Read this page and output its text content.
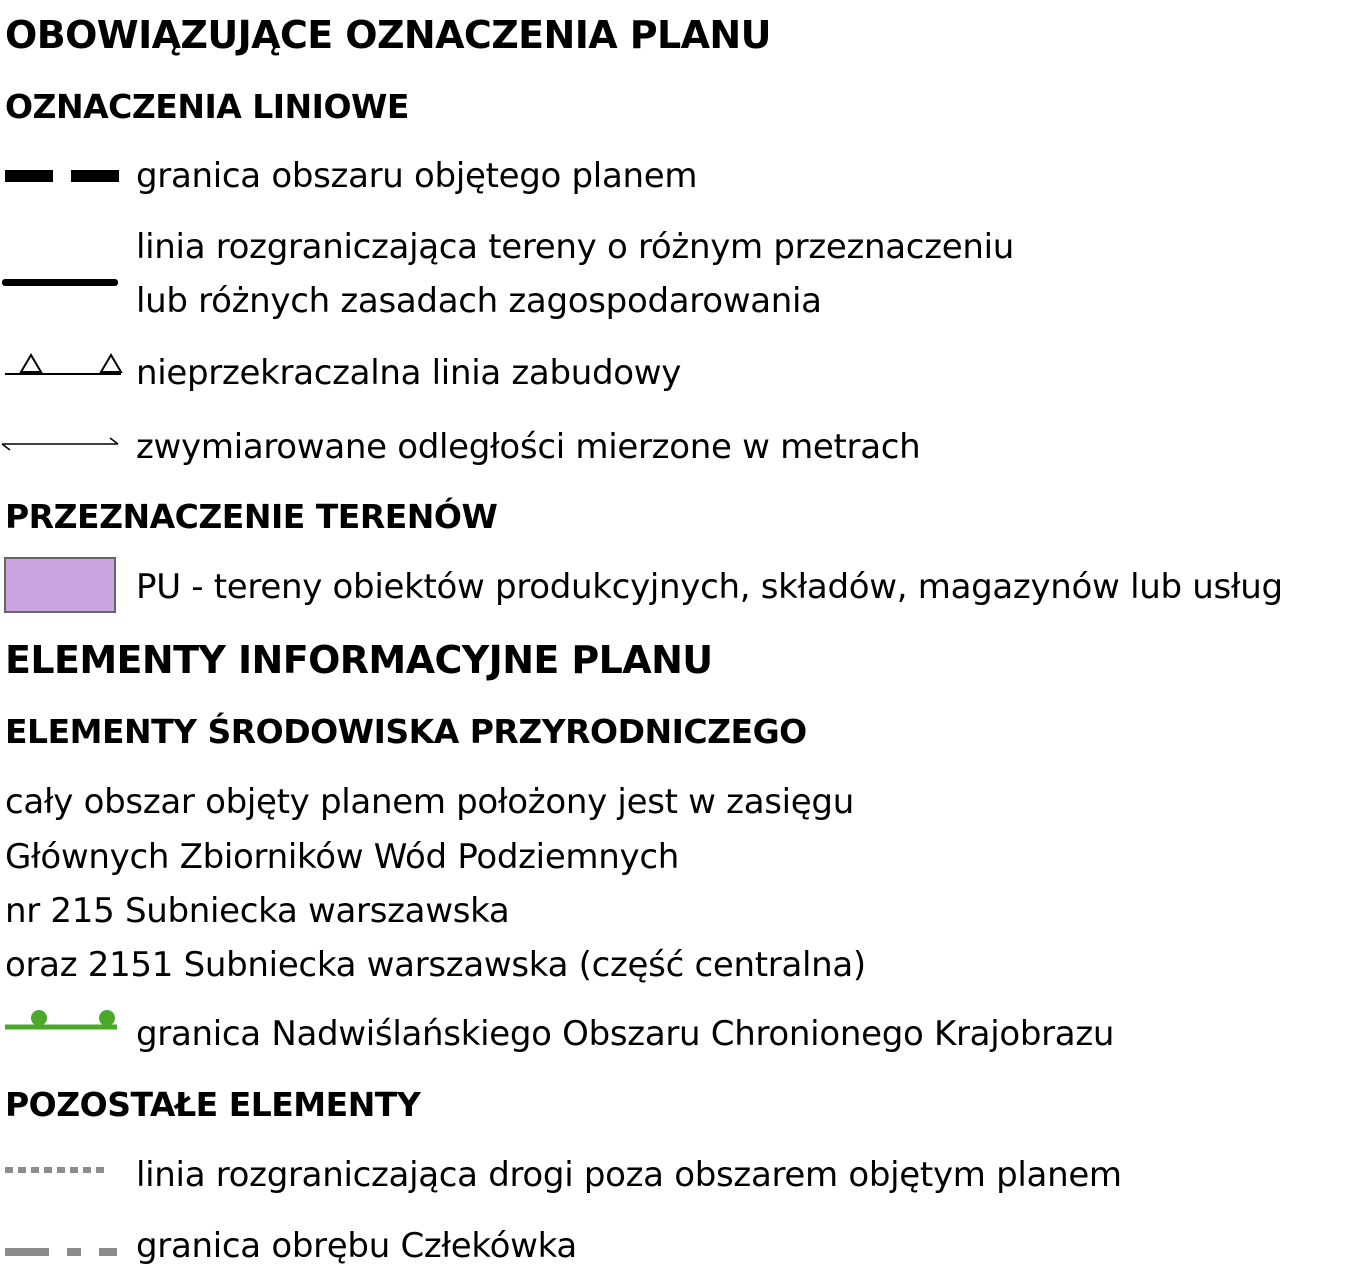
OBOWIĄZUJĄCE OZNACZENIA PLANU
OZNACZENIA LINIOWE
granica obszaru objętego planem
linia rozgraniczająca tereny o różnym przeznaczeniu
lub różnych zasadach zagospodarowania
nieprzekraczalna linia zabudowy
zwymiarowane odległości mierzone w metrach
PRZEZNACZENIE TERENÓW
PU - tereny obiektów produkcyjnych, składów, magazynów lub usług
ELEMENTY INFORMACYJNE PLANU
ELEMENTY ŚRODOWISKA PRZYRODNICZEGO
cały obszar objęty planem położony jest w zasięgu
Głównych Zbiorników Wód Podziemnych
nr 215 Subniecka warszawska
oraz 2151 Subniecka warszawska (część centralna)
granica Nadwiślańskiego Obszaru Chronionego Krajobrazu
POZOSTAŁE ELEMENTY
linia rozgraniczająca drogi poza obszarem objętym planem
granica obrębu Człekówka
